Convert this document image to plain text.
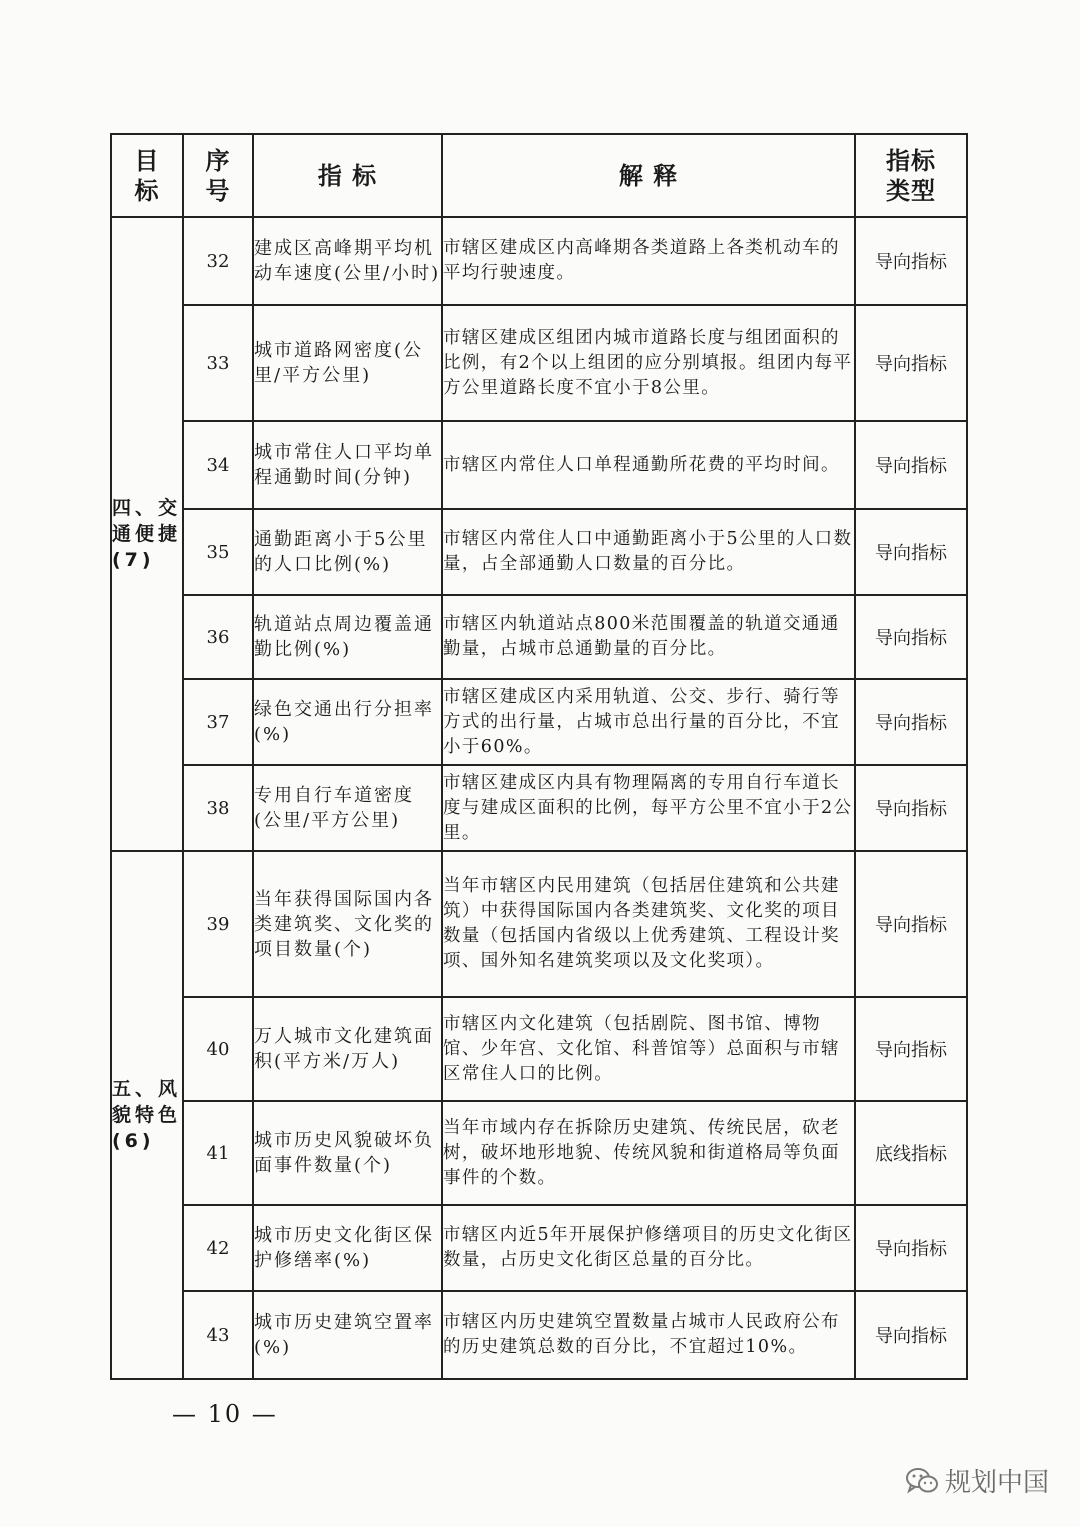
目标	序号	指 标	解 释	指标类型

四、交通便捷(7)	32	建成区高峰期平均机动车速度(公里/小时)	市辖区建成区内高峰期各类道路上各类机动车的平均行驶速度。	导向指标
	33	城市道路网密度(公里/平方公里)	市辖区建成区组团内城市道路长度与组团面积的比例，有2个以上组团的应分别填报。组团内每平方公里道路长度不宜小于8公里。	导向指标
	34	城市常住人口平均单程通勤时间(分钟)	市辖区内常住人口单程通勤所花费的平均时间。	导向指标
	35	通勤距离小于5公里的人口比例(%)	市辖区内常住人口中通勤距离小于5公里的人口数量，占全部通勤人口数量的百分比。	导向指标
	36	轨道站点周边覆盖通勤比例(%)	市辖区内轨道站点800米范围覆盖的轨道交通通勤量，占城市总通勤量的百分比。	导向指标
	37	绿色交通出行分担率(%)	市辖区建成区内采用轨道、公交、步行、骑行等方式的出行量，占城市总出行量的百分比，不宜小于60%。	导向指标
	38	专用自行车道密度(公里/平方公里)	市辖区建成区内具有物理隔离的专用自行车道长度与建成区面积的比例，每平方公里不宜小于2公里。	导向指标
五、风貌特色(6)	39	当年获得国际国内各类建筑奖、文化奖的项目数量(个)	当年市辖区内民用建筑（包括居住建筑和公共建筑）中获得国际国内各类建筑奖、文化奖的项目数量（包括国内省级以上优秀建筑、工程设计奖项、国外知名建筑奖项以及文化奖项）。	导向指标
	40	万人城市文化建筑面积(平方米/万人)	市辖区内文化建筑（包括剧院、图书馆、博物馆、少年宫、文化馆、科普馆等）总面积与市辖区常住人口的比例。	导向指标
	41	城市历史风貌破坏负面事件数量(个)	当年市域内存在拆除历史建筑、传统民居，砍老树，破坏地形地貌、传统风貌和街道格局等负面事件的个数。	底线指标
	42	城市历史文化街区保护修缮率(%)	市辖区内近5年开展保护修缮项目的历史文化街区数量，占历史文化街区总量的百分比。	导向指标
	43	城市历史建筑空置率(%)	市辖区内历史建筑空置数量占城市人民政府公布的历史建筑总数的百分比，不宜超过10%。	导向指标
— 10 —
规划中国
